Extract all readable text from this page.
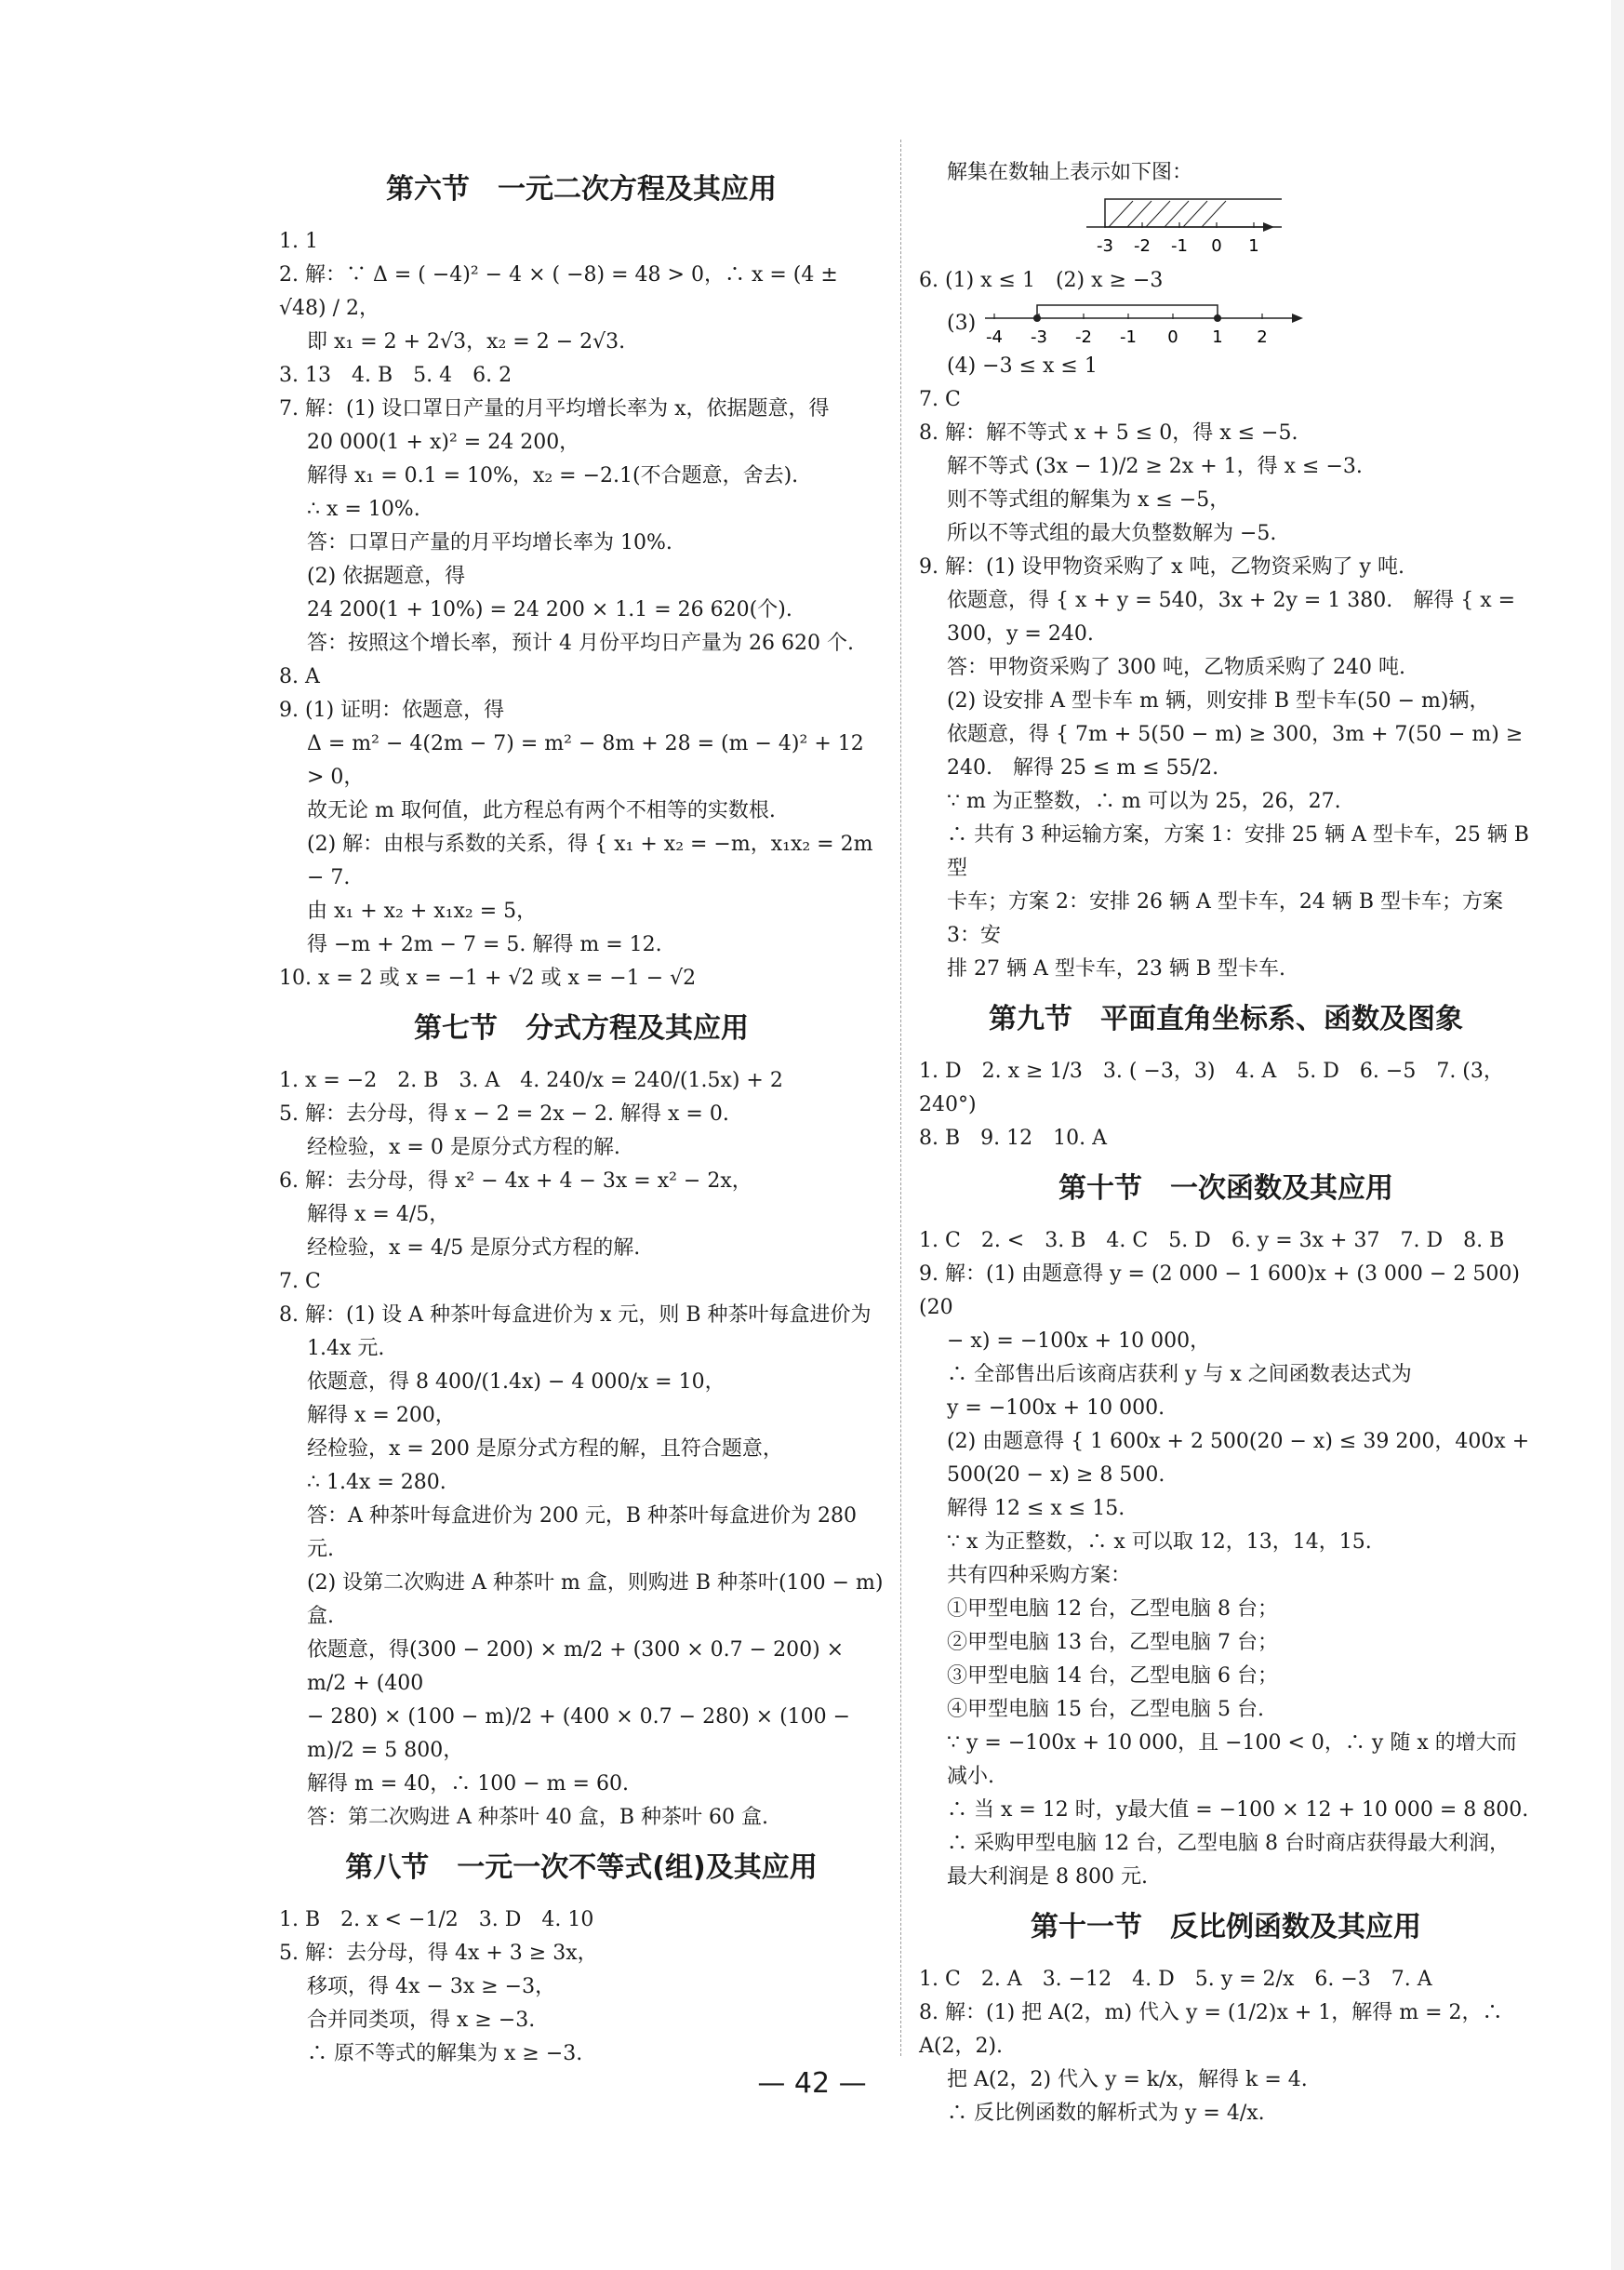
第六节　一元二次方程及其应用

1. 1

2. 解：∵ Δ = ( −4)² − 4 × ( −8) = 48 > 0，∴ x = (4 ± √48) / 2，

即 x₁ = 2 + 2√3，x₂ = 2 − 2√3.

3. 13　4. B　5. 4　6. 2

7. 解：(1) 设口罩日产量的月平均增长率为 x，依据题意，得

20 000(1 + x)² = 24 200，

解得 x₁ = 0.1 = 10%，x₂ = −2.1(不合题意，舍去).

∴ x = 10%.

答：口罩日产量的月平均增长率为 10%.

(2) 依据题意，得

24 200(1 + 10%) = 24 200 × 1.1 = 26 620(个).

答：按照这个增长率，预计 4 月份平均日产量为 26 620 个.

8. A

9. (1) 证明：依题意，得

Δ = m² − 4(2m − 7) = m² − 8m + 28 = (m − 4)² + 12 > 0，

故无论 m 取何值，此方程总有两个不相等的实数根.

(2) 解：由根与系数的关系，得 { x₁ + x₂ = −m，x₁x₂ = 2m − 7.

由 x₁ + x₂ + x₁x₂ = 5，

得 −m + 2m − 7 = 5. 解得 m = 12.

10. x = 2 或 x = −1 + √2 或 x = −1 − √2

第七节　分式方程及其应用

1. x = −2　2. B　3. A　4. 240/x = 240/(1.5x) + 2

5. 解：去分母，得 x − 2 = 2x − 2. 解得 x = 0.

经检验，x = 0 是原分式方程的解.

6. 解：去分母，得 x² − 4x + 4 − 3x = x² − 2x，

解得 x = 4/5，

经检验，x = 4/5 是原分式方程的解.

7. C

8. 解：(1) 设 A 种茶叶每盒进价为 x 元，则 B 种茶叶每盒进价为

1.4x 元.

依题意，得 8 400/(1.4x) − 4 000/x = 10，

解得 x = 200，

经检验，x = 200 是原分式方程的解，且符合题意，

∴ 1.4x = 280.

答：A 种茶叶每盒进价为 200 元，B 种茶叶每盒进价为 280 元.

(2) 设第二次购进 A 种茶叶 m 盒，则购进 B 种茶叶(100 − m)盒.

依题意，得(300 − 200) × m/2 + (300 × 0.7 − 200) × m/2 + (400

− 280) × (100 − m)/2 + (400 × 0.7 − 280) × (100 − m)/2 = 5 800，

解得 m = 40，∴ 100 − m = 60.

答：第二次购进 A 种茶叶 40 盒，B 种茶叶 60 盒.

第八节　一元一次不等式(组)及其应用

1. B　2. x < −1/2　3. D　4. 10

5. 解：去分母，得 4x + 3 ≥ 3x，

移项，得 4x − 3x ≥ −3，

合并同类项，得 x ≥ −3.

∴ 原不等式的解集为 x ≥ −3.

解集在数轴上表示如下图：

-3 -2 -1 0 1

6. (1) x ≤ 1　(2) x ≥ −3

(3)
-4 -3 -2 -1 0 1 2

(4) −3 ≤ x ≤ 1

7. C

8. 解：解不等式 x + 5 ≤ 0，得 x ≤ −5.

解不等式 (3x − 1)/2 ≥ 2x + 1，得 x ≤ −3.

则不等式组的解集为 x ≤ −5，

所以不等式组的最大负整数解为 −5.

9. 解：(1) 设甲物资采购了 x 吨，乙物资采购了 y 吨.

依题意，得 { x + y = 540，3x + 2y = 1 380.　解得 { x = 300，y = 240.

答：甲物资采购了 300 吨，乙物质采购了 240 吨.

(2) 设安排 A 型卡车 m 辆，则安排 B 型卡车(50 − m)辆，

依题意，得 { 7m + 5(50 − m) ≥ 300，3m + 7(50 − m) ≥ 240.　解得 25 ≤ m ≤ 55/2.

∵ m 为正整数，∴ m 可以为 25，26，27.

∴ 共有 3 种运输方案，方案 1：安排 25 辆 A 型卡车，25 辆 B 型

卡车；方案 2：安排 26 辆 A 型卡车，24 辆 B 型卡车；方案 3：安

排 27 辆 A 型卡车，23 辆 B 型卡车.

第九节　平面直角坐标系、函数及图象

1. D　2. x ≥ 1/3　3. ( −3，3)　4. A　5. D　6. −5　7. (3，240°)

8. B　9. 12　10. A

第十节　一次函数及其应用

1. C　2. <　3. B　4. C　5. D　6. y = 3x + 37　7. D　8. B

9. 解：(1) 由题意得 y = (2 000 − 1 600)x + (3 000 − 2 500)(20

− x) = −100x + 10 000，

∴ 全部售出后该商店获利 y 与 x 之间函数表达式为

y = −100x + 10 000.

(2) 由题意得 { 1 600x + 2 500(20 − x) ≤ 39 200，400x + 500(20 − x) ≥ 8 500.

解得 12 ≤ x ≤ 15.

∵ x 为正整数，∴ x 可以取 12，13，14，15.

共有四种采购方案：

①甲型电脑 12 台，乙型电脑 8 台；

②甲型电脑 13 台，乙型电脑 7 台；

③甲型电脑 14 台，乙型电脑 6 台；

④甲型电脑 15 台，乙型电脑 5 台.

∵ y = −100x + 10 000，且 −100 < 0，∴ y 随 x 的增大而减小.

∴ 当 x = 12 时，y最大值 = −100 × 12 + 10 000 = 8 800.

∴ 采购甲型电脑 12 台，乙型电脑 8 台时商店获得最大利润，

最大利润是 8 800 元.

第十一节　反比例函数及其应用

1. C　2. A　3. −12　4. D　5. y = 2/x　6. −3　7. A

8. 解：(1) 把 A(2，m) 代入 y = (1/2)x + 1，解得 m = 2，∴ A(2，2).

把 A(2，2) 代入 y = k/x，解得 k = 4.

∴ 反比例函数的解析式为 y = 4/x.

— 42 —
